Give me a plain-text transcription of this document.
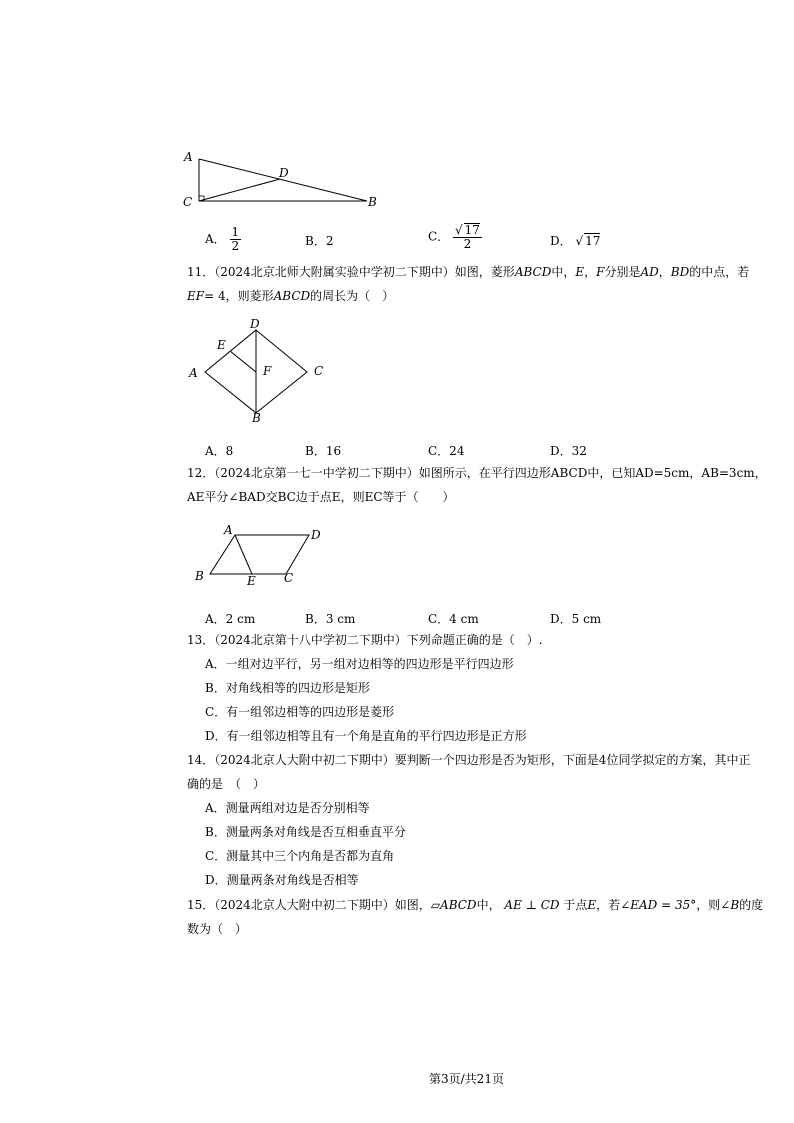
A
C
D
B
A． $\frac{1}{2}$	B．2	C． $\frac{√ 17}{2}$	D． √ 17
11．（2024北京北师大附属实验中学初二下期中）如图，菱形ABCD中，E，F分别是AD，BD的中点，若
EF= 4，则菱形ABCD的周长为（　）
D
E
A	F	C
B
A．8	B．16	C．24	D．32
12．（2024北京第一七一中学初二下期中）如图所示，在平行四边形ABCD中，已知AD=5cm，AB=3cm，
AE平分∠BAD交BC边于点E，则EC等于（　　）
A	D
B	E C
A．2 cm	B．3 cm	C．4 cm	D．5 cm
13．（2024北京第十八中学初二下期中）下列命题正确的是（　）.
A．一组对边平行，另一组对边相等的四边形是平行四边形
B．对角线相等的四边形是矩形
C．有一组邻边相等的四边形是菱形
D．有一组邻边相等且有一个角是直角的平行四边形是正方形
14．（2024北京人大附中初二下期中）要判断一个四边形是否为矩形，下面是4位同学拟定的方案，其中正
确的是　（　）
A．测量两组对边是否分别相等
B．测量两条对角线是否互相垂直平分
C．测量其中三个内角是否都为直角
D．测量两条对角线是否相等
15．（2024北京人大附中初二下期中）如图，▱ABCD中， AE ⊥ CD 于点E，若∠EAD = 35°，则∠B的度
数为（　）
第3页/共21页
